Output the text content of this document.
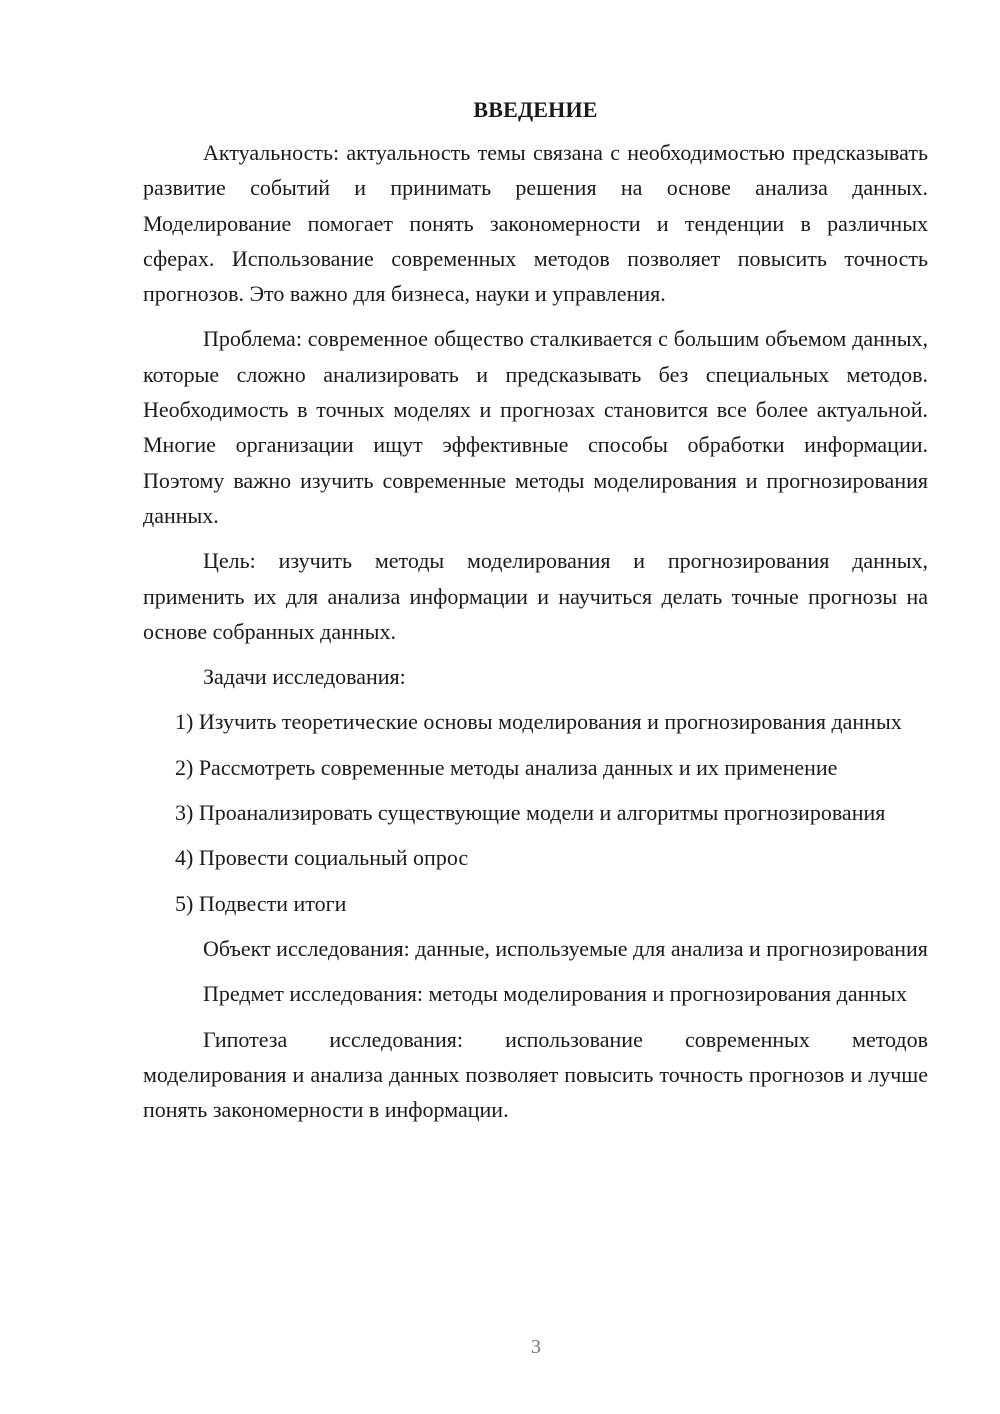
ВВЕДЕНИЕ

Актуальность: актуальность темы связана с необходимостью предсказывать развитие событий и принимать решения на основе анализа данных. Моделирование помогает понять закономерности и тенденции в различных сферах. Использование современных методов позволяет повысить точность прогнозов. Это важно для бизнеса, науки и управления.

Проблема: современное общество сталкивается с большим объемом данных, которые сложно анализировать и предсказывать без специальных методов. Необходимость в точных моделях и прогнозах становится все более актуальной. Многие организации ищут эффективные способы обработки информации. Поэтому важно изучить современные методы моделирования и прогнозирования данных.

Цель: изучить методы моделирования и прогнозирования данных, применить их для анализа информации и научиться делать точные прогнозы на основе собранных данных.

Задачи исследования:

1) Изучить теоретические основы моделирования и прогнозирования данных

2) Рассмотреть современные методы анализа данных и их применение

3) Проанализировать существующие модели и алгоритмы прогнозирования

4) Провести социальный опрос

5) Подвести итоги

Объект исследования: данные, используемые для анализа и прогнозирования

Предмет исследования: методы моделирования и прогнозирования данных

Гипотеза исследования: использование современных методов моделирования и анализа данных позволяет повысить точность прогнозов и лучше понять закономерности в информации.

3
